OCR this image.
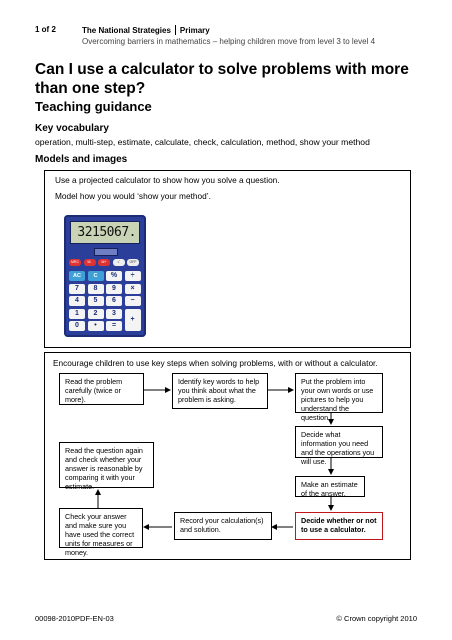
1 of 2	The National Strategies Primary
Overcoming barriers in mathematics – helping children move from level 3 to level 4
Can I use a calculator to solve problems with more than one step?
Teaching guidance
Key vocabulary
operation, multi-step, estimate, calculate, check, calculation, method, show your method
Models and images
Use a projected calculator to show how you solve a question.
Model how you would ‘show your method’.
3215067.
MRC	M-	M+	√	OFF
AC	C	%	÷
7	8	9	×
4	5	6	−
1	2	3
+
0	•	=
Encourage children to use key steps when solving problems, with or without a calculator.
Read the problem carefully (twice or more).
Identify key words to help you think about what the problem is asking.
Put the problem into your own words or use pictures to help you understand the question.
Decide what information you need and the operations you will use.
Make an estimate of the answer.
Decide whether or not to use a calculator.
Record your calculation(s) and solution.
Check your answer and make sure you have used the correct units for measures or money.
Read the question again and check whether your answer is reasonable by comparing it with your estimate.
00098-2010PDF-EN-03	© Crown copyright 2010
